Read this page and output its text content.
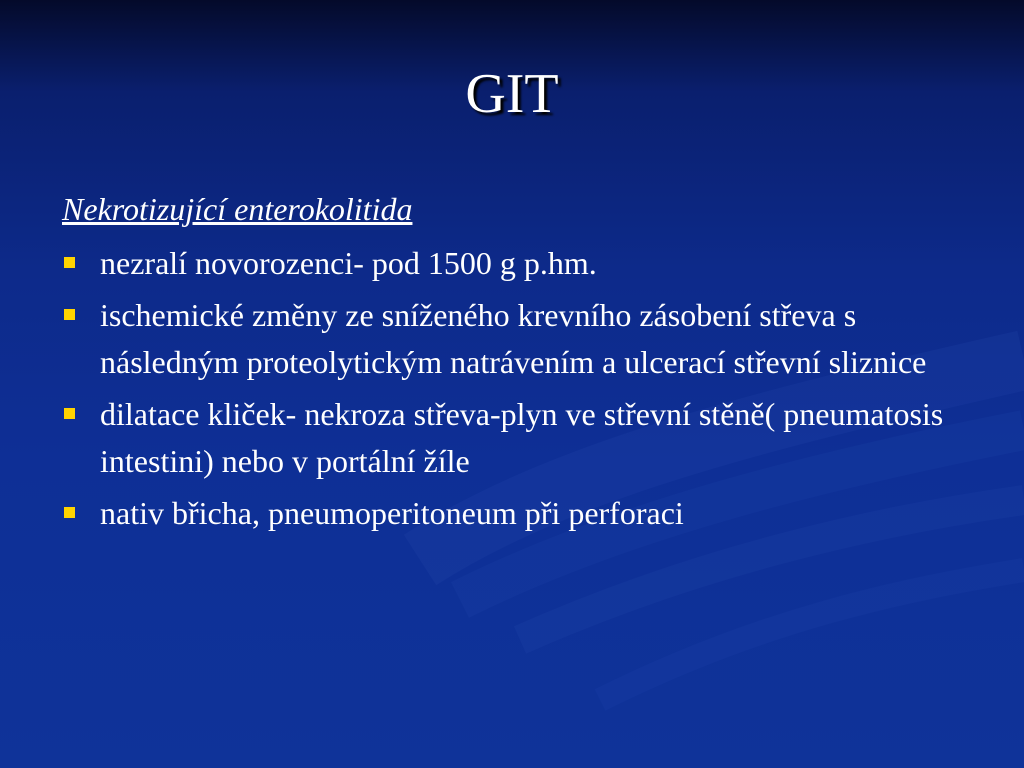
GIT
Nekrotizující enterokolitida
nezralí novorozenci- pod 1500 g p.hm.
ischemické změny ze sníženého krevního zásobení střeva s následným proteolytickým natrávením a ulcerací střevní sliznice
dilatace kliček- nekroza střeva-plyn ve střevní stěně( pneumatosis intestini) nebo v portální žíle
nativ břicha, pneumoperitoneum při perforaci
